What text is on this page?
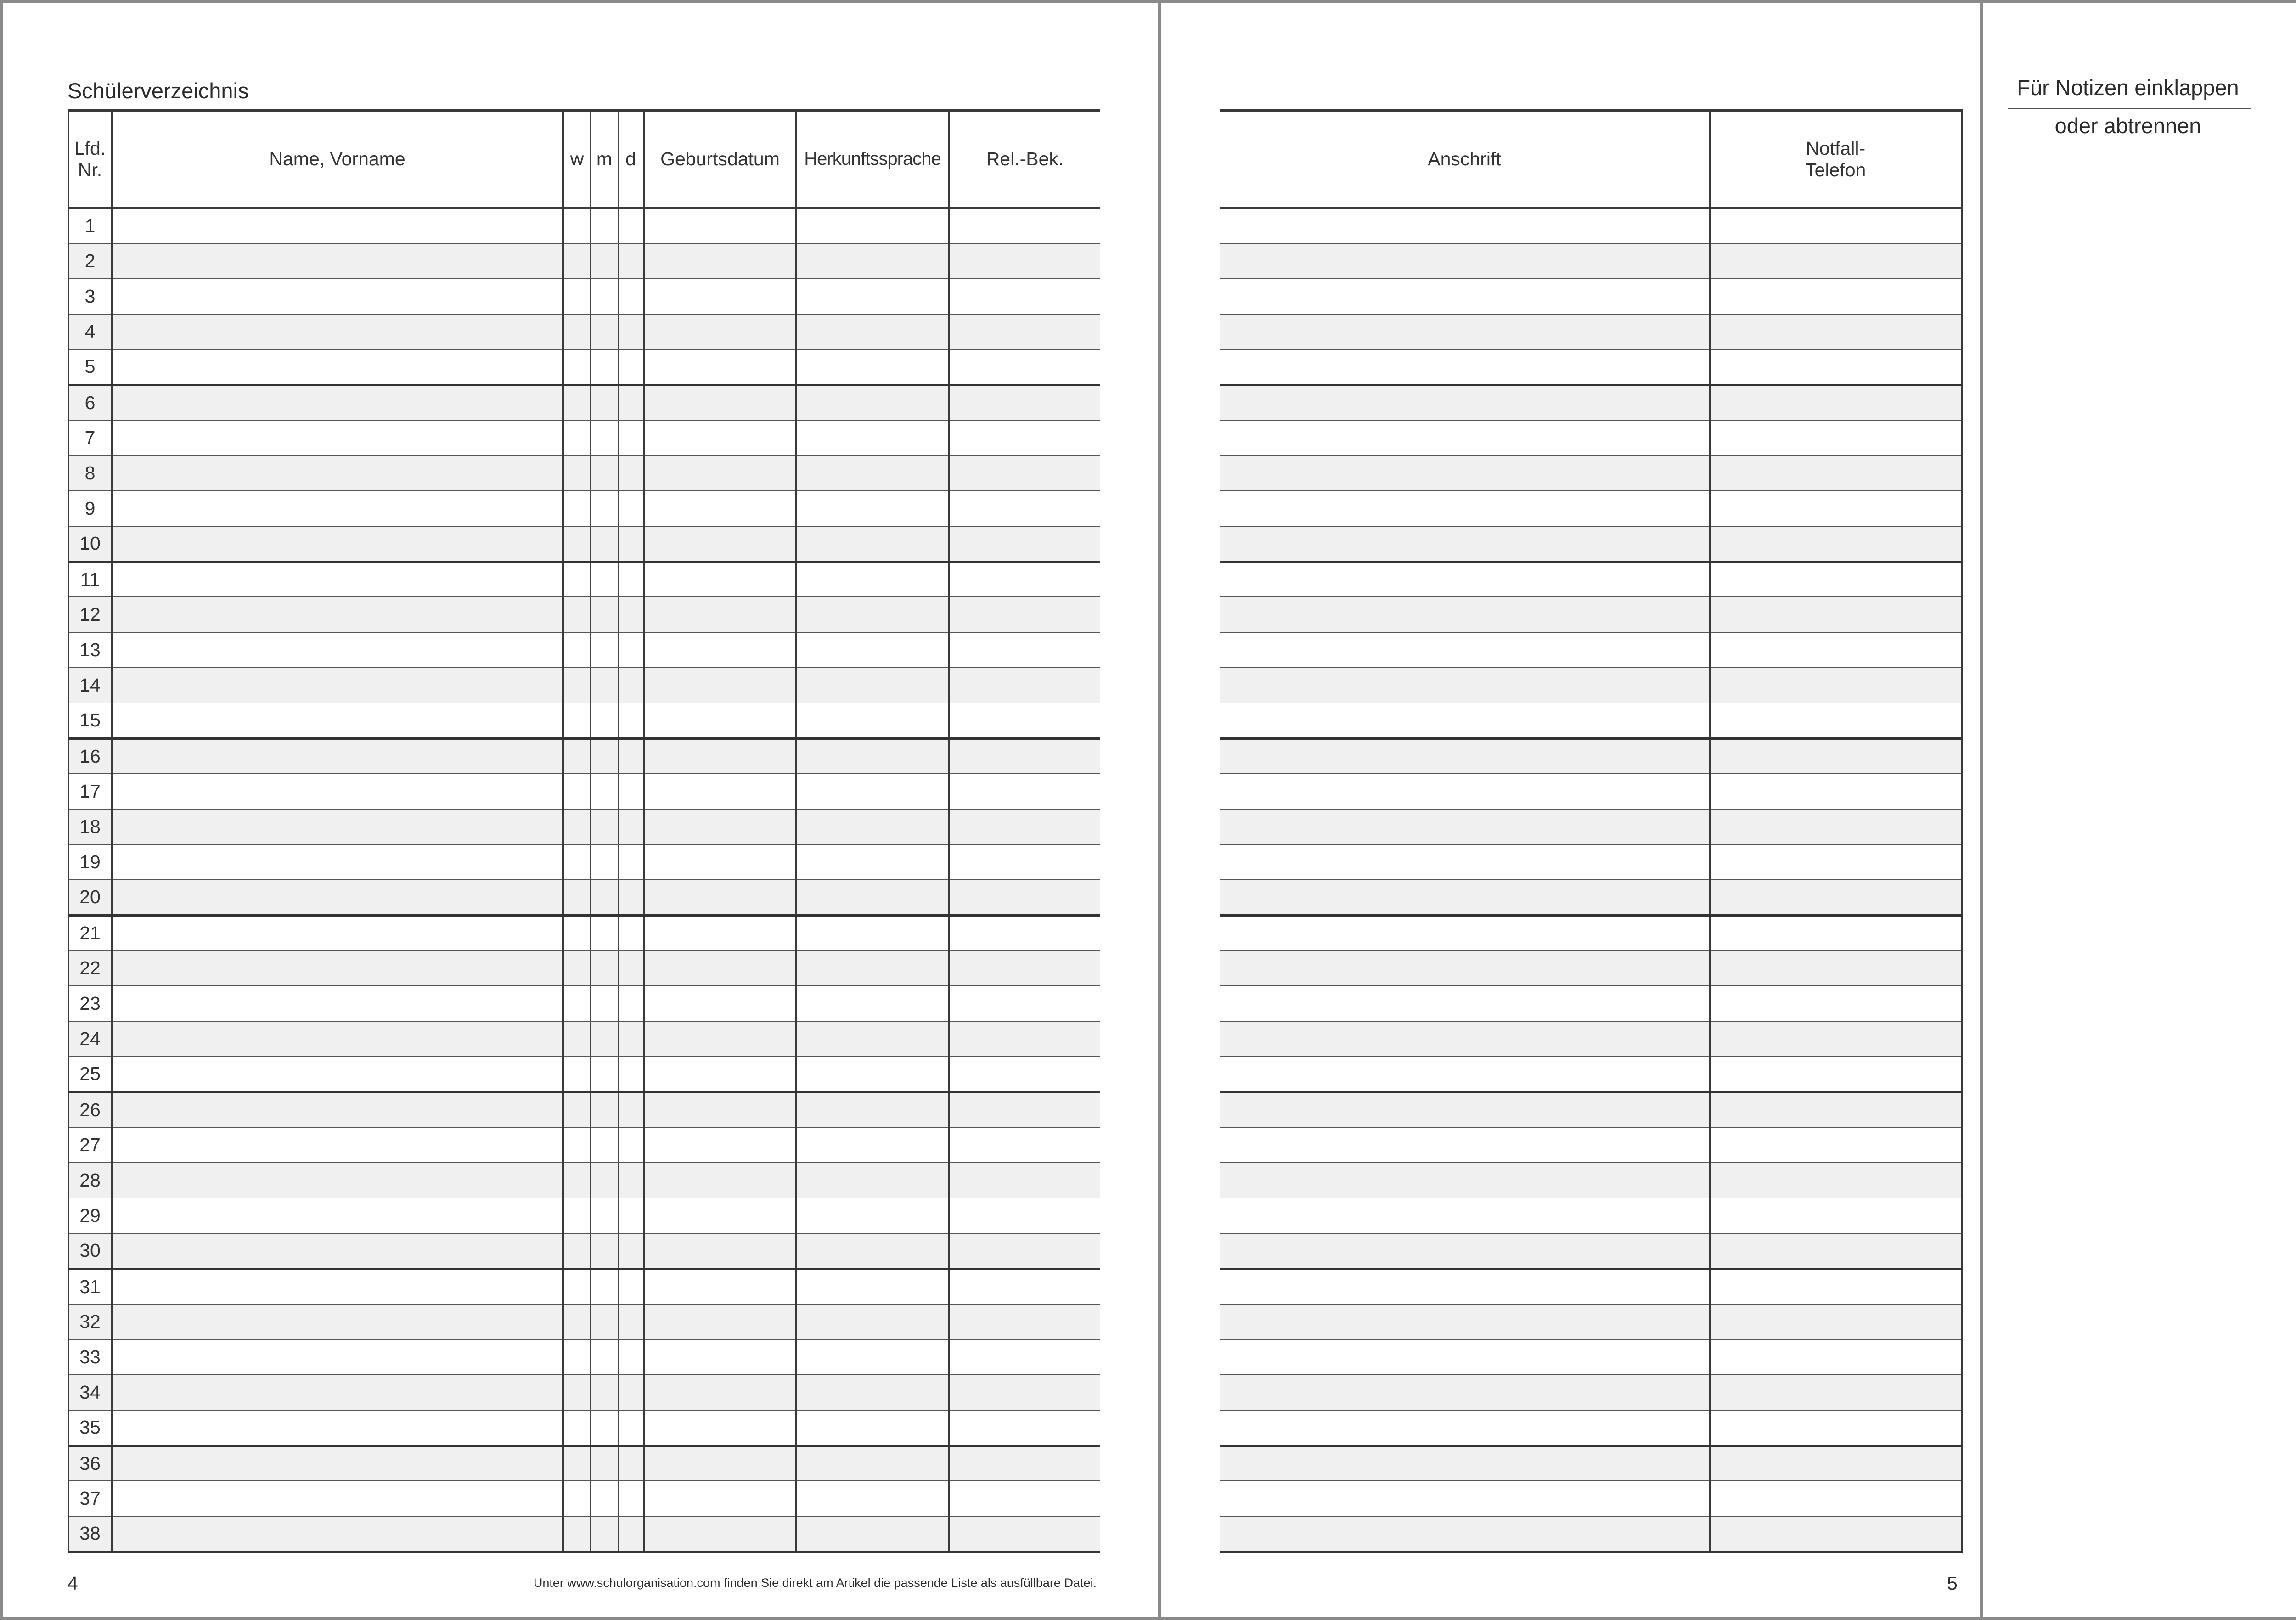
Schülerverzeichnis
Lfd.
Nr.	Name, Vorname	w	m	d	Geburtsdatum	Herkunftssprache	Rel.-Bek.
1							
2							
3							
4							
5							
6							
7							
8							
9							
10							
11							
12							
13							
14							
15							
16							
17							
18							
19							
20							
21							
22							
23							
24							
25							
26							
27							
28							
29							
30							
31							
32							
33							
34							
35							
36							
37							
38							
4	Unter www.schulorganisation.com finden Sie direkt am Artikel die passende Liste als ausfüllbare Datei.
Anschrift	Notfall-
Telefon

5
Für Notizen einklappen
oder abtrennen
